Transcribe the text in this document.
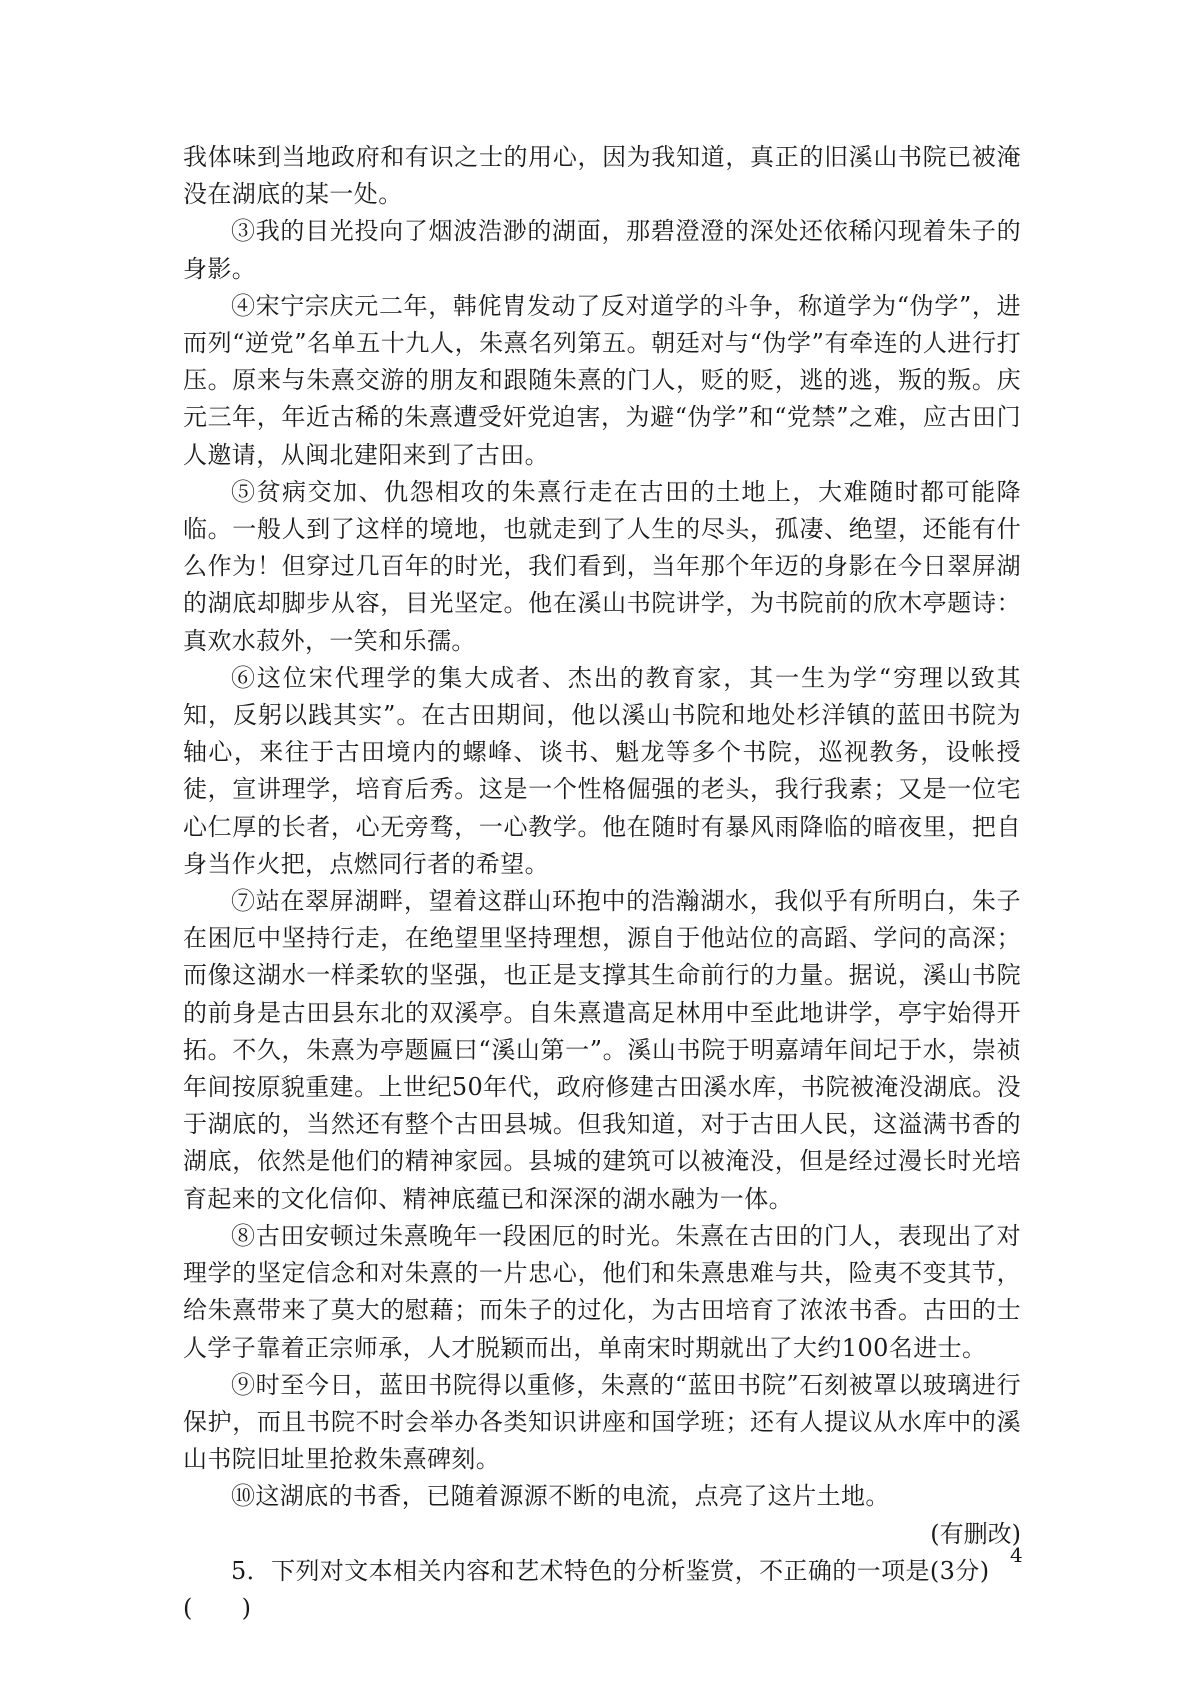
我体味到当地政府和有识之士的用心，因为我知道，真正的旧溪山书院已被淹没在湖底的某一处。

③我的目光投向了烟波浩渺的湖面，那碧澄澄的深处还依稀闪现着朱子的身影。

④宋宁宗庆元二年，韩侂胄发动了反对道学的斗争，称道学为“伪学”，进而列“逆党”名单五十九人，朱熹名列第五。朝廷对与“伪学”有牵连的人进行打压。原来与朱熹交游的朋友和跟随朱熹的门人，贬的贬，逃的逃，叛的叛。庆元三年，年近古稀的朱熹遭受奸党迫害，为避“伪学”和“党禁”之难，应古田门人邀请，从闽北建阳来到了古田。

⑤贫病交加、仇怨相攻的朱熹行走在古田的土地上，大难随时都可能降临。一般人到了这样的境地，也就走到了人生的尽头，孤凄、绝望，还能有什么作为！但穿过几百年的时光，我们看到，当年那个年迈的身影在今日翠屏湖的湖底却脚步从容，目光坚定。他在溪山书院讲学，为书院前的欣木亭题诗：真欢水菽外，一笑和乐孺。

⑥这位宋代理学的集大成者、杰出的教育家，其一生为学“穷理以致其知，反躬以践其实”。在古田期间，他以溪山书院和地处杉洋镇的蓝田书院为轴心，来往于古田境内的螺峰、谈书、魁龙等多个书院，巡视教务，设帐授徒，宣讲理学，培育后秀。这是一个性格倔强的老头，我行我素；又是一位宅心仁厚的长者，心无旁骛，一心教学。他在随时有暴风雨降临的暗夜里，把自身当作火把，点燃同行者的希望。

⑦站在翠屏湖畔，望着这群山环抱中的浩瀚湖水，我似乎有所明白，朱子在困厄中坚持行走，在绝望里坚持理想，源自于他站位的高蹈、学问的高深；而像这湖水一样柔软的坚强，也正是支撑其生命前行的力量。据说，溪山书院的前身是古田县东北的双溪亭。自朱熹遣高足林用中至此地讲学，亭宇始得开拓。不久，朱熹为亭题匾曰“溪山第一”。溪山书院于明嘉靖年间圮于水，崇祯年间按原貌重建。上世纪50年代，政府修建古田溪水库，书院被淹没湖底。没于湖底的，当然还有整个古田县城。但我知道，对于古田人民，这溢满书香的湖底，依然是他们的精神家园。县城的建筑可以被淹没，但是经过漫长时光培育起来的文化信仰、精神底蕴已和深深的湖水融为一体。

⑧古田安顿过朱熹晚年一段困厄的时光。朱熹在古田的门人，表现出了对理学的坚定信念和对朱熹的一片忠心，他们和朱熹患难与共，险夷不变其节，给朱熹带来了莫大的慰藉；而朱子的过化，为古田培育了浓浓书香。古田的士人学子靠着正宗师承，人才脱颖而出，单南宋时期就出了大约100名进士。

⑨时至今日，蓝田书院得以重修，朱熹的“蓝田书院”石刻被罩以玻璃进行保护，而且书院不时会举办各类知识讲座和国学班；还有人提议从水库中的溪山书院旧址里抢救朱熹碑刻。

⑩这湖底的书香，已随着源源不断的电流，点亮了这片土地。

(有删改)

5．下列对文本相关内容和艺术特色的分析鉴赏，不正确的一项是(3分)(　　)

4
